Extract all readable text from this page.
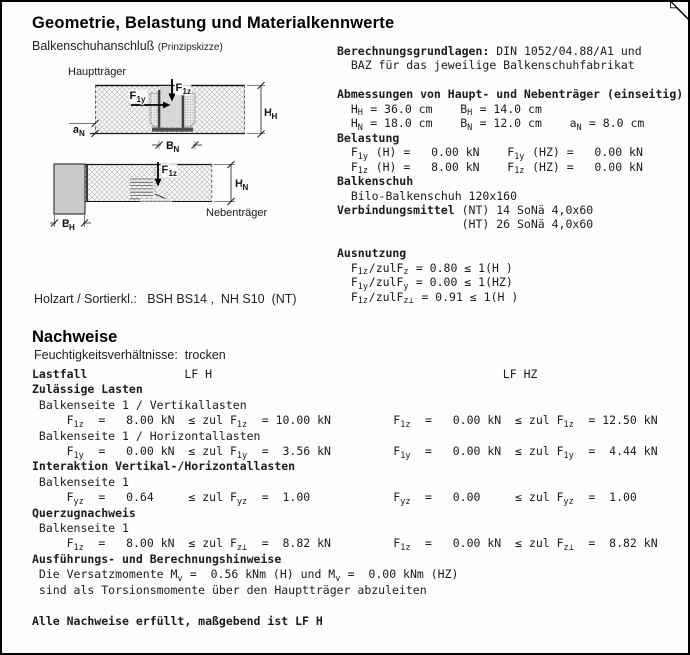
Geometrie, Belastung und Materialkennwerte
Balkenschuhanschluß (Prinzipskizze)
Hauptträger
F 1z
F 1y
H H
B N
a N
F 1z
H N
Nebenträger
B H
Berechnungsgrundlagen: DIN 1052/04.88/A1 und
BAZ für das jeweilige Balkenschuhfabrikat

Abmessungen von Haupt- und Nebenträger (einseitig)
$H_H = 36.0$ cm    $B_H = 14.0$ cm
$H_N = 18.0$ cm    $B_N = 12.0$ cm    $a_N = 8.0$ cm
Belastung
$F_{1y}$ (H) =   0.00 kN    $F_{1y}$ (HZ) =   0.00 kN
$F_{1z}$ (H) =   8.00 kN    $F_{1z}$ (HZ) =   0.00 kN
Balkenschuh
Bilo-Balkenschuh 120x160
Verbindungsmittel (NT) 14 SoNä 4,0x60
(HT) 26 SoNä 4,0x60

Ausnutzung
$F_{1z}/zulF_z = 0.80 \le 1(H$ )
$F_{1y}/zulF_y = 0.00 \le 1(HZ)$
$F_{1z}/zulF_{z\perp} = 0.91 \le 1(H$ )

Holzart / Sortierkl.:   BSH BS14 ,  NH S10  (NT)

Feuchtigkeitsverhältnisse:  trocken

Nachweise
Lastfall              LF H                                          LF HZ
Zulässige Lasten
Balkenseite 1 / Vertikallasten
$F_{1z} = 8.00$ kN  ≤ zul $F_{1z} = 10.00$ kN         $F_{1z} = 0.00$ kN  ≤ zul $F_{1z} = 12.50$ kN
Balkenseite 1 / Horizontallasten
$F_{1y} = 0.00$ kN  ≤ zul $F_{1y} = 3.56$ kN         $F_{1y} = 0.00$ kN  ≤ zul $F_{1y} = 4.44$ kN
Interaktion Vertikal-/Horizontallasten
Balkenseite 1
$F_{yz} = 0.64$     ≤ zul $F_{yz} = 1.00$            $F_{yz} = 0.00$     ≤ zul $F_{yz} = 1.00$
Querzugnachweis
Balkenseite 1
$F_{1z} = 8.00$ kN  ≤ zul $F_{z\perp} = 8.82$ kN         $F_{1z} = 0.00$ kN  ≤ zul $F_{z\perp} = 8.82$ kN
Ausführungs- und Berechnungshinweise
Die Versatzmomente $M_v = 0.56$ kNm (H) und $M_v = 0.00$ kNm (HZ)
sind als Torsionsmomente über den Hauptträger abzuleiten

Alle Nachweise erfüllt, maßgebend ist LF H
